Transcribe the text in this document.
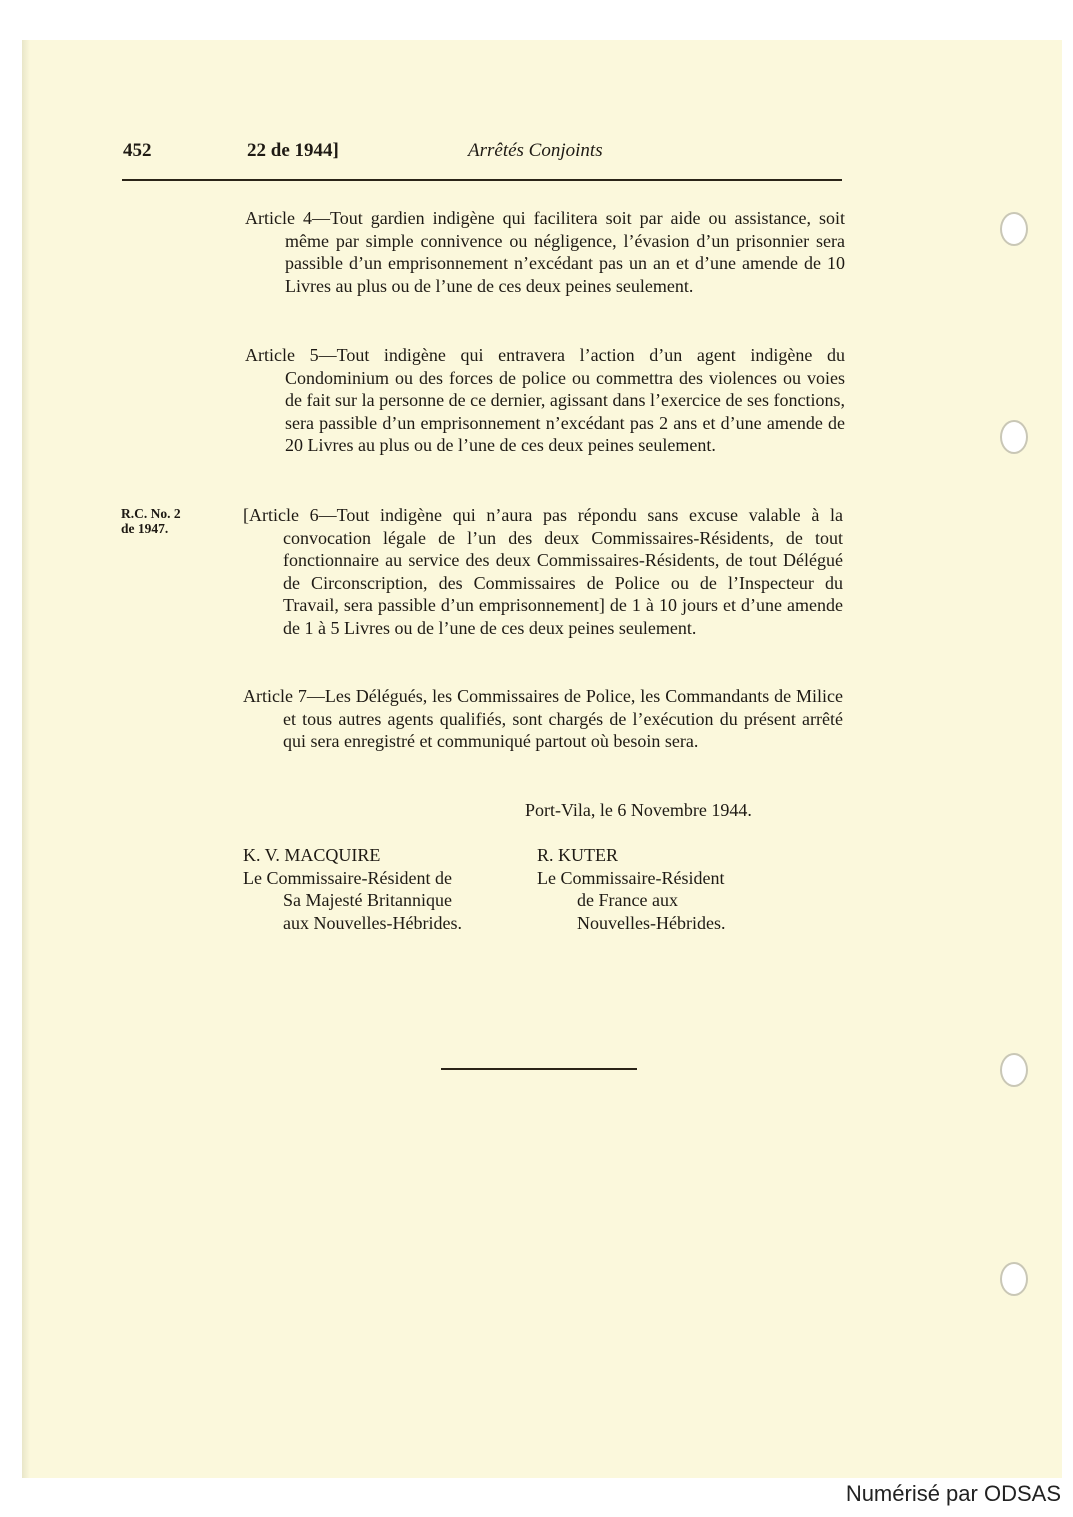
452	22 de 1944]	Arrêtés Conjoints
Article 4—Tout gardien indigène qui facilitera soit par aide ou assistance, soit même par simple connivence ou négligence, l’évasion d’un prisonnier sera passible d’un emprisonnement n’excédant pas un an et d’une amende de 10 Livres au plus ou de l’une de ces deux peines seulement.
Article 5—Tout indigène qui entravera l’action d’un agent indigène du Condominium ou des forces de police ou commettra des violences ou voies de fait sur la personne de ce dernier, agissant dans l’exercice de ses fonctions, sera passible d’un emprisonnement n’excédant pas 2 ans et d’une amende de 20 Livres au plus ou de l’une de ces deux peines seulement.
R.C. No. 2
de 1947.
[Article 6—Tout indigène qui n’aura pas répondu sans excuse valable à la convocation légale de l’un des deux Commissaires-Résidents, de tout fonctionnaire au service des deux Commissaires-Résidents, de tout Délégué de Circonscription, des Commissaires de Police ou de l’Inspecteur du Travail, sera passible d’un emprisonnement] de 1 à 10 jours et d’une amende de 1 à 5 Livres ou de l’une de ces deux peines seulement.
Article 7—Les Délégués, les Commissaires de Police, les Commandants de Milice et tous autres agents qualifiés, sont chargés de l’exécution du présent arrêté qui sera enregistré et communiqué partout où besoin sera.
Port-Vila, le 6 Novembre 1944.
K. V. MACQUIRE
Le Commissaire-Résident de
Sa Majesté Britannique
aux Nouvelles-Hébrides.
R. KUTER
Le Commissaire-Résident
de France aux
Nouvelles-Hébrides.
Numérisé par ODSAS
